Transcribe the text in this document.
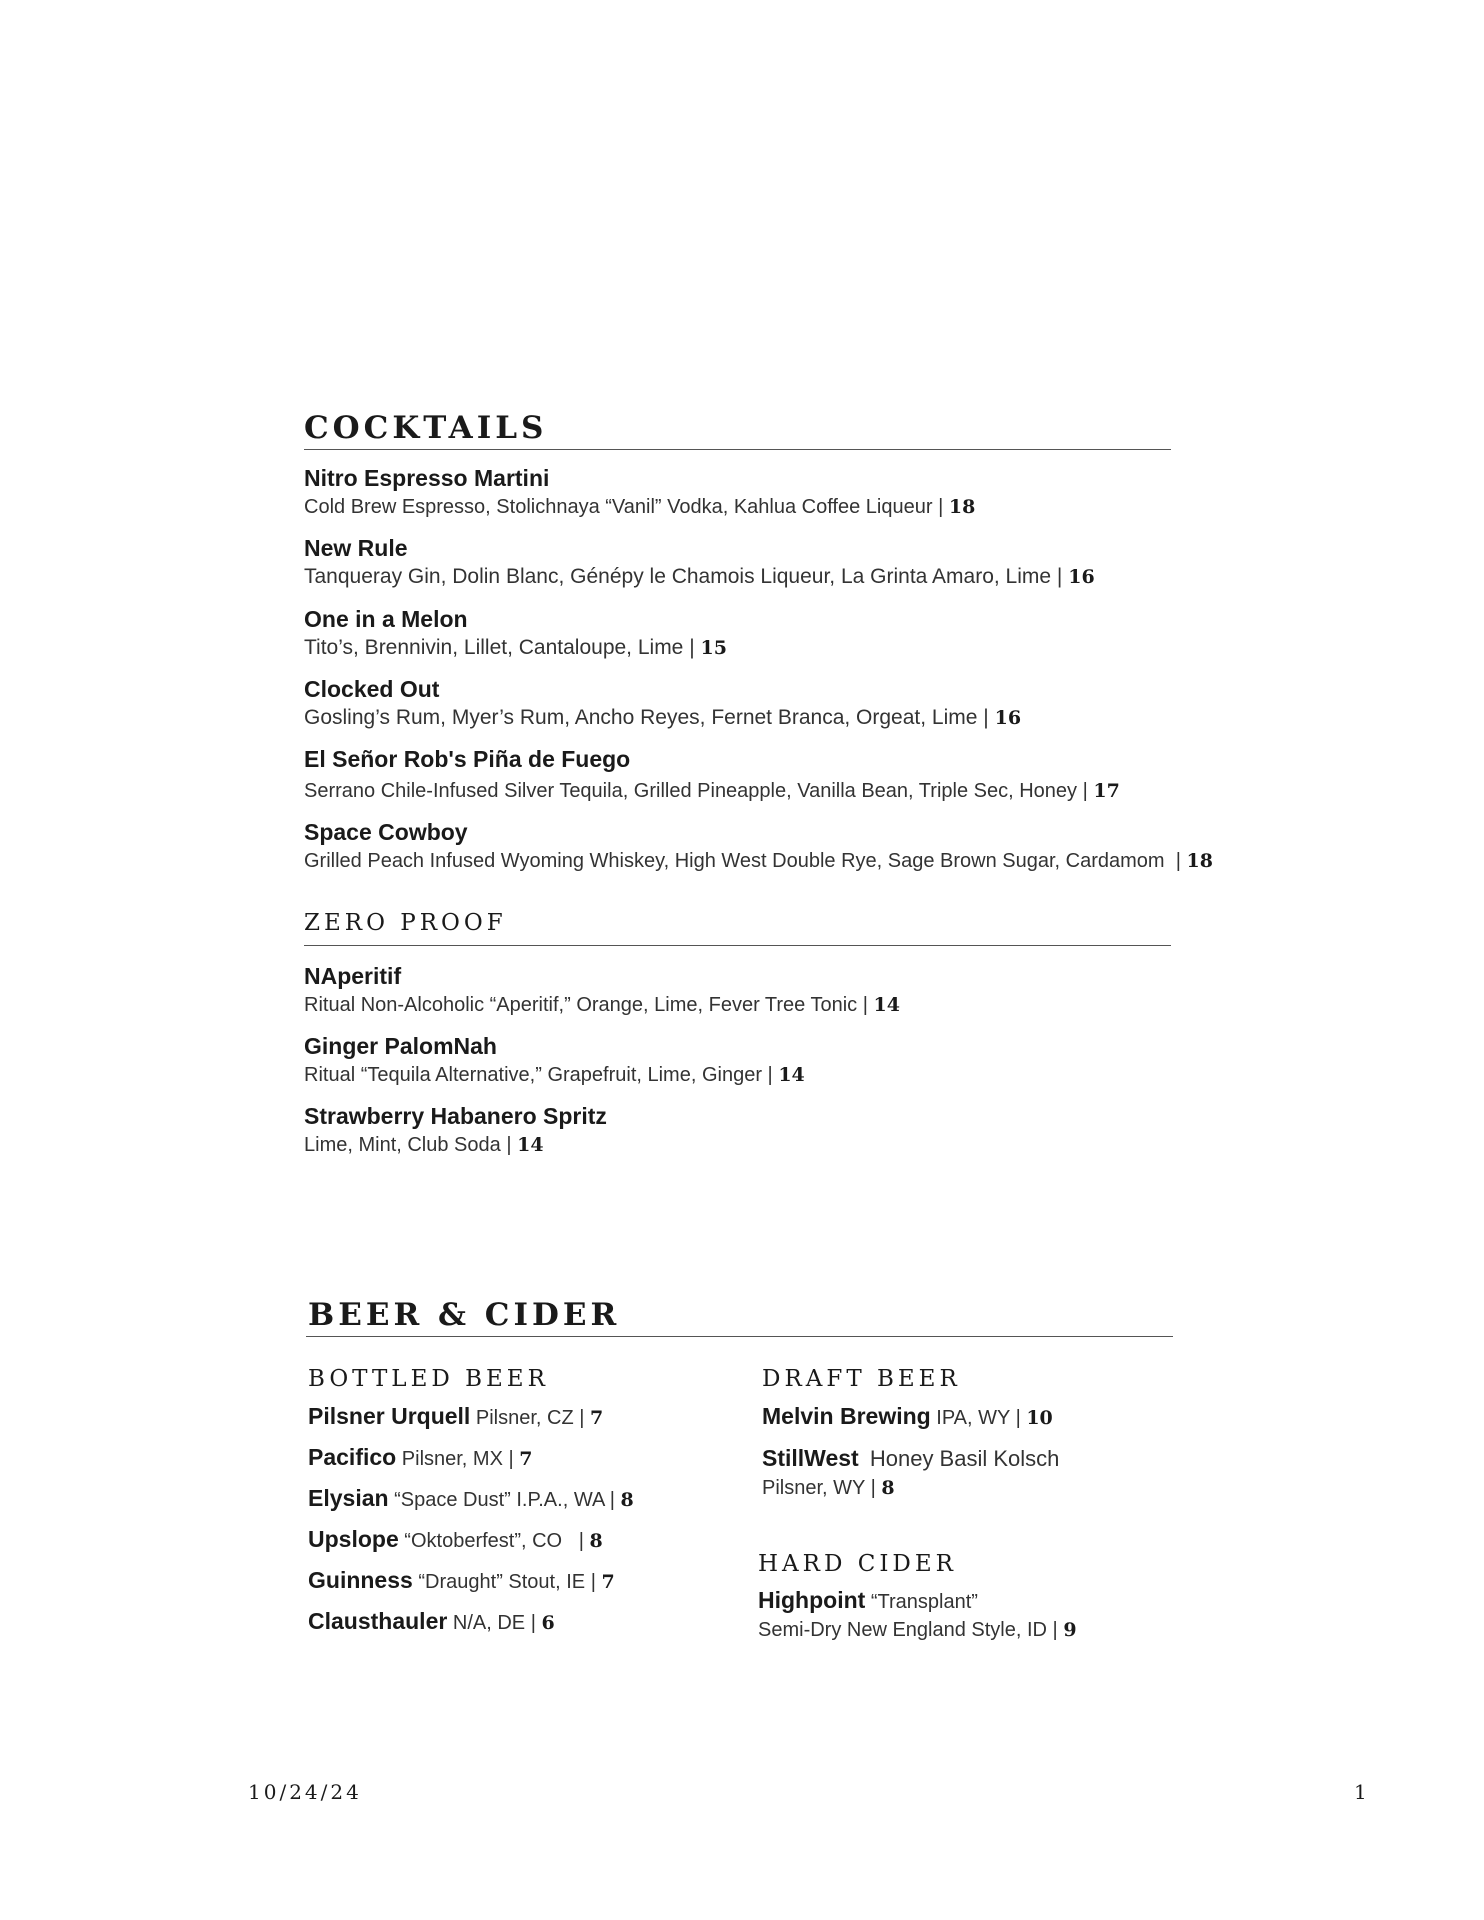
COCKTAILS
Nitro Espresso Martini
Cold Brew Espresso, Stolichnaya “Vanil” Vodka, Kahlua Coffee Liqueur | 18
New Rule
Tanqueray Gin, Dolin Blanc, Génépy le Chamois Liqueur, La Grinta Amaro, Lime | 16
One in a Melon
Tito’s, Brennivin, Lillet, Cantaloupe, Lime | 15
Clocked Out
Gosling’s Rum, Myer’s Rum, Ancho Reyes, Fernet Branca, Orgeat, Lime | 16
El Señor Rob's Piña de Fuego
Serrano Chile-Infused Silver Tequila, Grilled Pineapple, Vanilla Bean, Triple Sec, Honey | 17
Space Cowboy
Grilled Peach Infused Wyoming Whiskey, High West Double Rye, Sage Brown Sugar, Cardamom | 18
ZERO PROOF
NAperitif
Ritual Non-Alcoholic “Aperitif,” Orange, Lime, Fever Tree Tonic | 14
Ginger PalomNah
Ritual “Tequila Alternative,” Grapefruit, Lime, Ginger | 14
Strawberry Habanero Spritz
Lime, Mint, Club Soda | 14
BEER & CIDER
BOTTLED BEER
Pilsner Urquell Pilsner, CZ | 7
Pacifico Pilsner, MX | 7
Elysian “Space Dust” I.P.A., WA | 8
Upslope “Oktoberfest”, CO | 8
Guinness “Draught” Stout, IE | 7
Clausthauler N/A, DE | 6
DRAFT BEER
Melvin Brewing IPA, WY | 10
StillWest Honey Basil Kolsch
Pilsner, WY | 8
HARD CIDER
Highpoint “Transplant”
Semi-Dry New England Style, ID | 9
10/24/24	1
